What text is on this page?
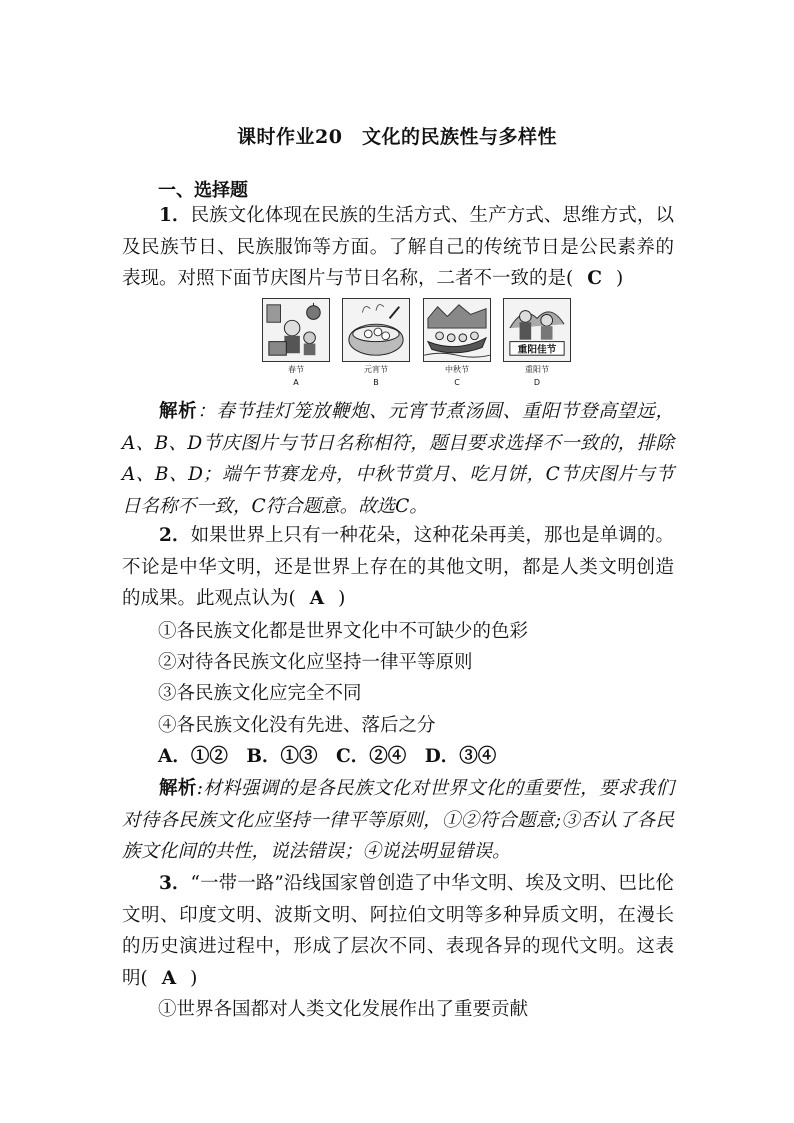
课时作业20　文化的民族性与多样性
一、选择题
1．民族文化体现在民族的生活方式、生产方式、思维方式，以及民族节日、民族服饰等方面。了解自己的传统节日是公民素养的表现。对照下面节庆图片与节日名称，二者不一致的是( C )
春节
A
元宵节
B
中秋节
C
重阳佳节
重阳节
D
解析：春节挂灯笼放鞭炮、元宵节煮汤圆、重阳节登高望远，A、B、D节庆图片与节日名称相符，题目要求选择不一致的，排除A、B、D；端午节赛龙舟，中秋节赏月、吃月饼，C节庆图片与节日名称不一致，C符合题意。故选C。
2．如果世界上只有一种花朵，这种花朵再美，那也是单调的。不论是中华文明，还是世界上存在的其他文明，都是人类文明创造的成果。此观点认为( A )
①各民族文化都是世界文化中不可缺少的色彩
②对待各民族文化应坚持一律平等原则
③各民族文化应完全不同
④各民族文化没有先进、落后之分
A．①②　B．①③　C．②④　D．③④
解析:材料强调的是各民族文化对世界文化的重要性，要求我们对待各民族文化应坚持一律平等原则，①②符合题意;③否认了各民族文化间的共性，说法错误；④说法明显错误。
3．“一带一路”沿线国家曾创造了中华文明、埃及文明、巴比伦文明、印度文明、波斯文明、阿拉伯文明等多种异质文明，在漫长的历史演进过程中，形成了层次不同、表现各异的现代文明。这表明( A )
①世界各国都对人类文化发展作出了重要贡献
